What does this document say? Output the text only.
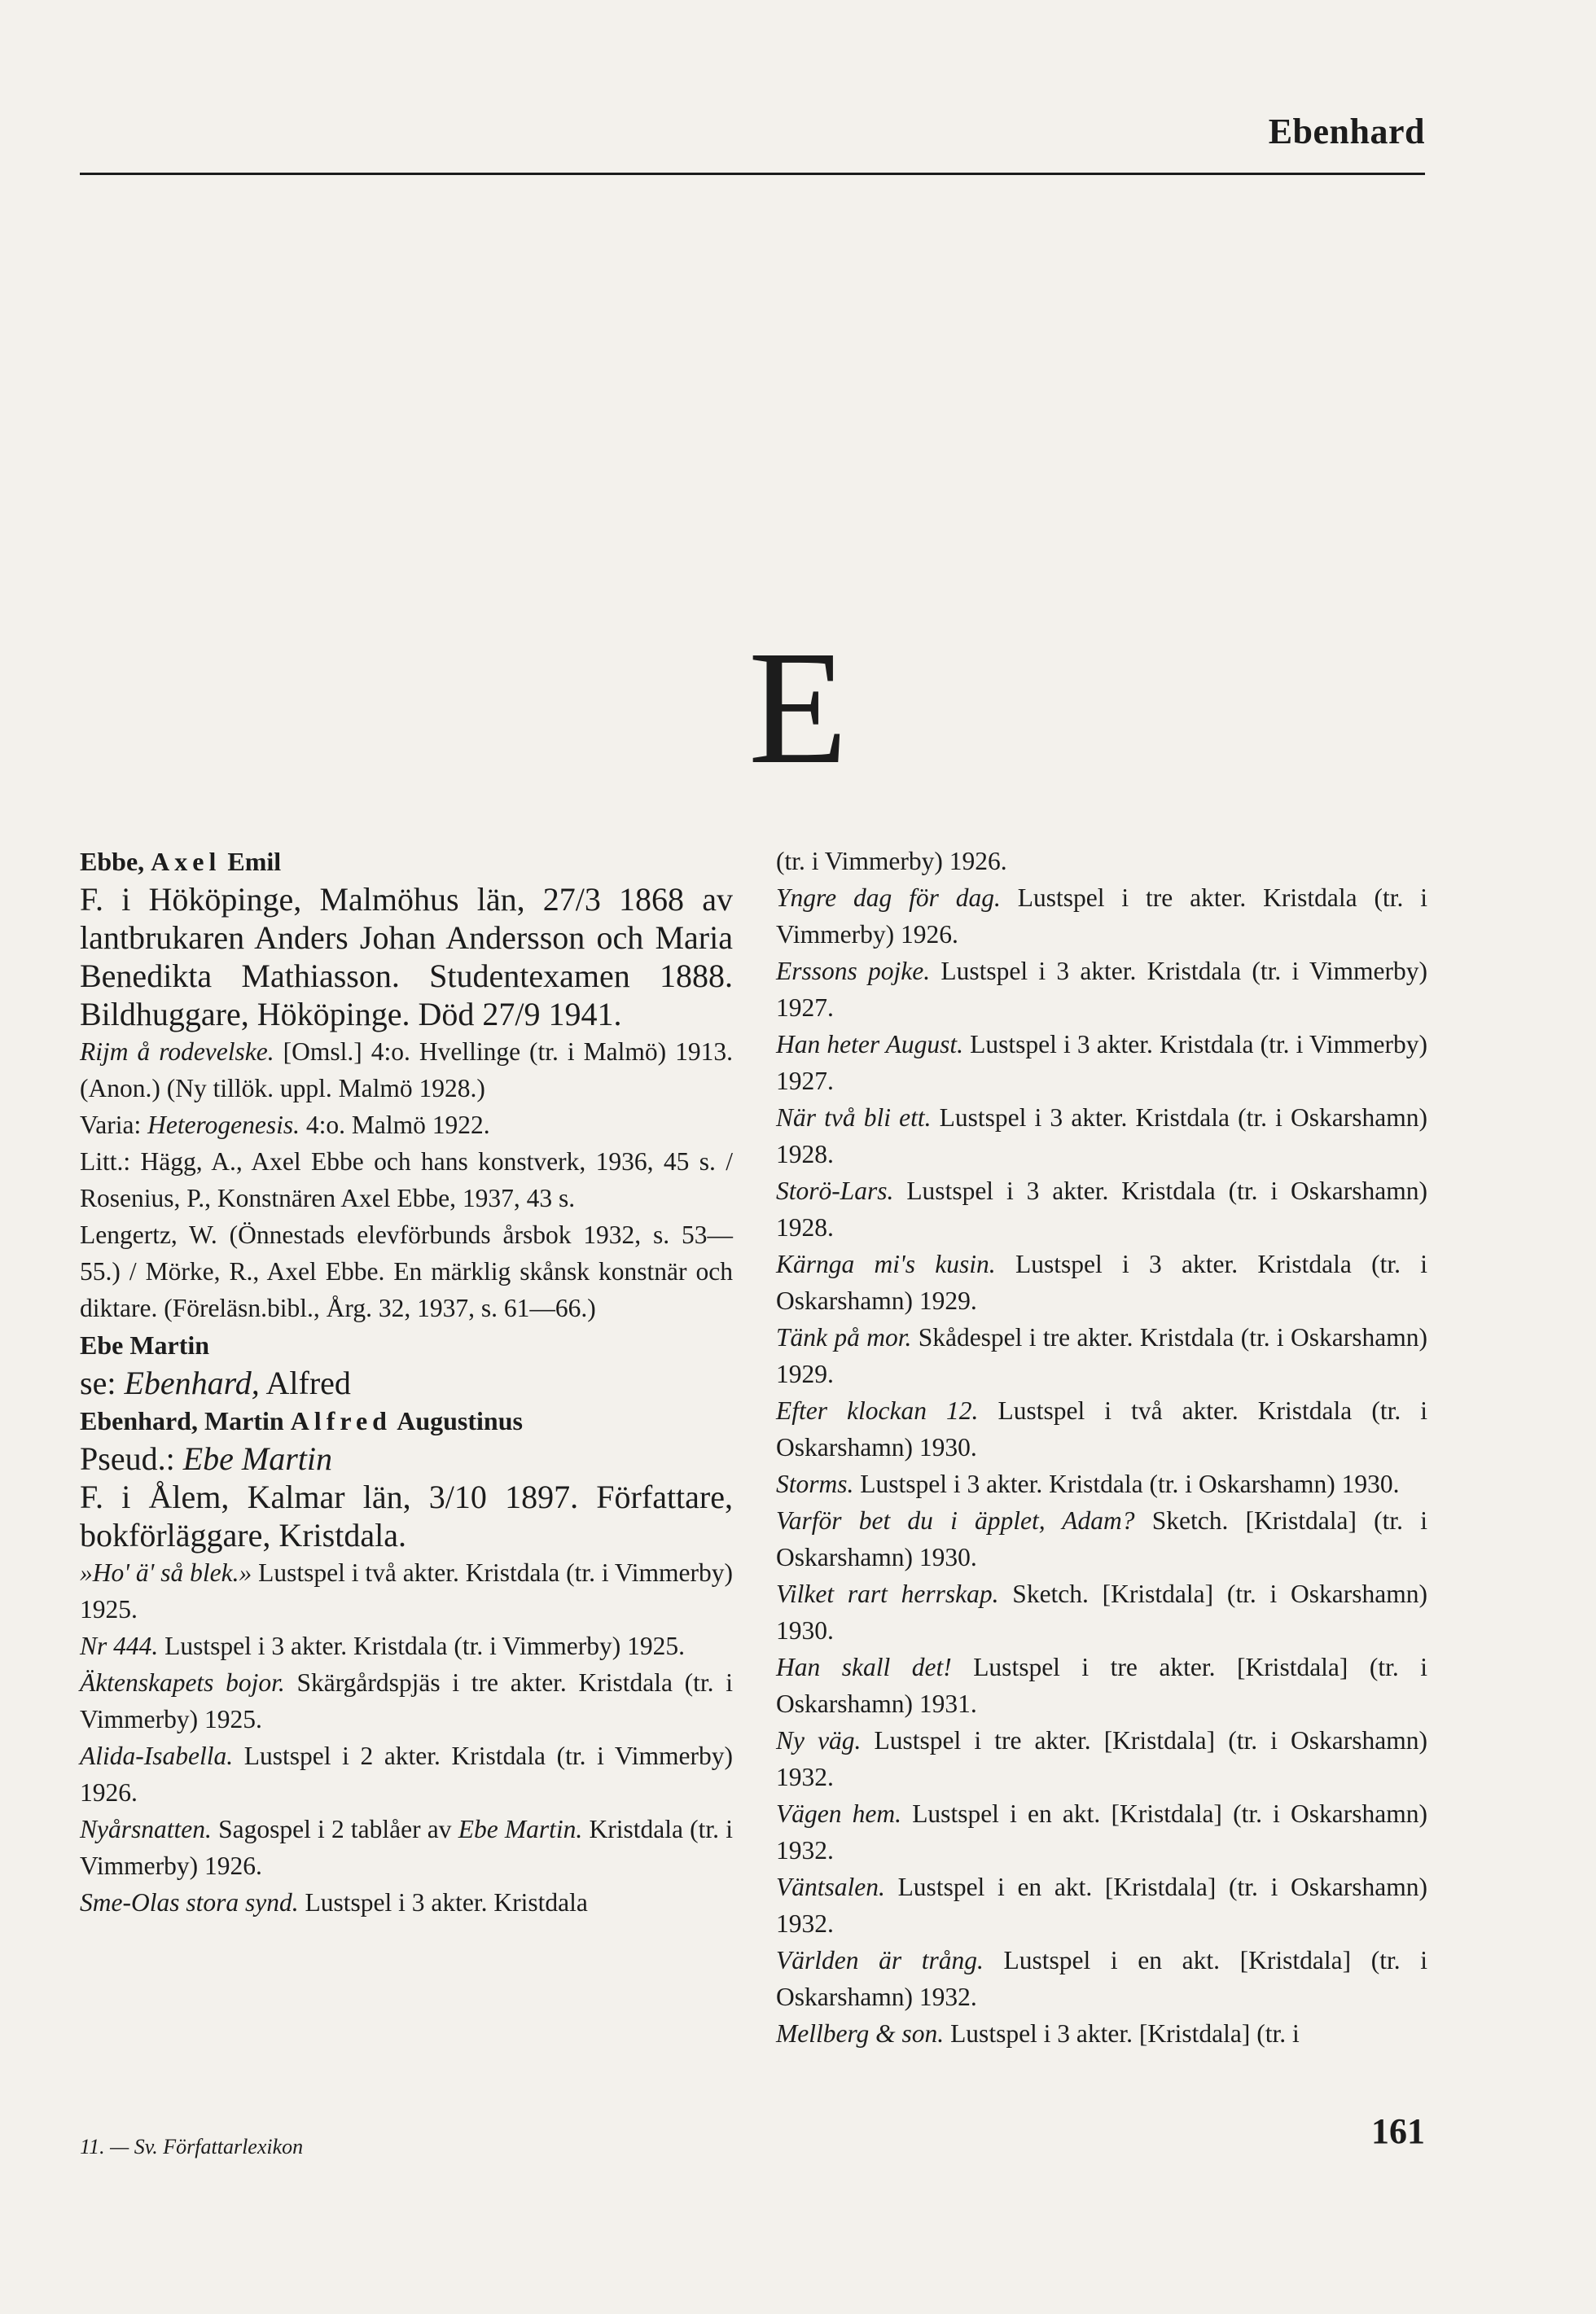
Ebenhard
E

Ebbe, Axel Emil

F. i Hököpinge, Malmöhus län, 27/3 1868 av lantbrukaren Anders Johan Andersson och Maria Benedikta Mathiasson. Studentexamen 1888. Bildhuggare, Hököpinge. Död 27/9 1941.

Rijm å rodevelske. [Omsl.] 4:o. Hvellinge (tr. i Malmö) 1913. (Anon.) (Ny tillök. uppl. Malmö 1928.)

Varia: Heterogenesis. 4:o. Malmö 1922.

Litt.: Hägg, A., Axel Ebbe och hans konstverk, 1936, 45 s. / Rosenius, P., Konstnären Axel Ebbe, 1937, 43 s.

Lengertz, W. (Önnestads elevförbunds årsbok 1932, s. 53—55.) / Mörke, R., Axel Ebbe. En märklig skånsk konstnär och diktare. (Föreläsn.bibl., Årg. 32, 1937, s. 61—66.)

Ebe Martin

se: Ebenhard, Alfred

Ebenhard, Martin Alfred Augustinus

Pseud.: Ebe Martin

F. i Ålem, Kalmar län, 3/10 1897. Författare, bokförläggare, Kristdala.

»Ho' ä' så blek.» Lustspel i två akter. Kristdala (tr. i Vimmerby) 1925.

Nr 444. Lustspel i 3 akter. Kristdala (tr. i Vimmerby) 1925.

Äktenskapets bojor. Skärgårdspjäs i tre akter. Kristdala (tr. i Vimmerby) 1925.

Alida-Isabella. Lustspel i 2 akter. Kristdala (tr. i Vimmerby) 1926.

Nyårsnatten. Sagospel i 2 tablåer av Ebe Martin. Kristdala (tr. i Vimmerby) 1926.

Sme-Olas stora synd. Lustspel i 3 akter. Kristdala

(tr. i Vimmerby) 1926.

Yngre dag för dag. Lustspel i tre akter. Kristdala (tr. i Vimmerby) 1926.

Erssons pojke. Lustspel i 3 akter. Kristdala (tr. i Vimmerby) 1927.

Han heter August. Lustspel i 3 akter. Kristdala (tr. i Vimmerby) 1927.

När två bli ett. Lustspel i 3 akter. Kristdala (tr. i Oskarshamn) 1928.

Storö-Lars. Lustspel i 3 akter. Kristdala (tr. i Oskarshamn) 1928.

Kärnga mi's kusin. Lustspel i 3 akter. Kristdala (tr. i Oskarshamn) 1929.

Tänk på mor. Skådespel i tre akter. Kristdala (tr. i Oskarshamn) 1929.

Efter klockan 12. Lustspel i två akter. Kristdala (tr. i Oskarshamn) 1930.

Storms. Lustspel i 3 akter. Kristdala (tr. i Oskarshamn) 1930.

Varför bet du i äpplet, Adam? Sketch. [Kristdala] (tr. i Oskarshamn) 1930.

Vilket rart herrskap. Sketch. [Kristdala] (tr. i Oskarshamn) 1930.

Han skall det! Lustspel i tre akter. [Kristdala] (tr. i Oskarshamn) 1931.

Ny väg. Lustspel i tre akter. [Kristdala] (tr. i Oskarshamn) 1932.

Vägen hem. Lustspel i en akt. [Kristdala] (tr. i Oskarshamn) 1932.

Väntsalen. Lustspel i en akt. [Kristdala] (tr. i Oskarshamn) 1932.

Världen är trång. Lustspel i en akt. [Kristdala] (tr. i Oskarshamn) 1932.

Mellberg & son. Lustspel i 3 akter. [Kristdala] (tr. i

11. — Sv. Författarlexikon	161
